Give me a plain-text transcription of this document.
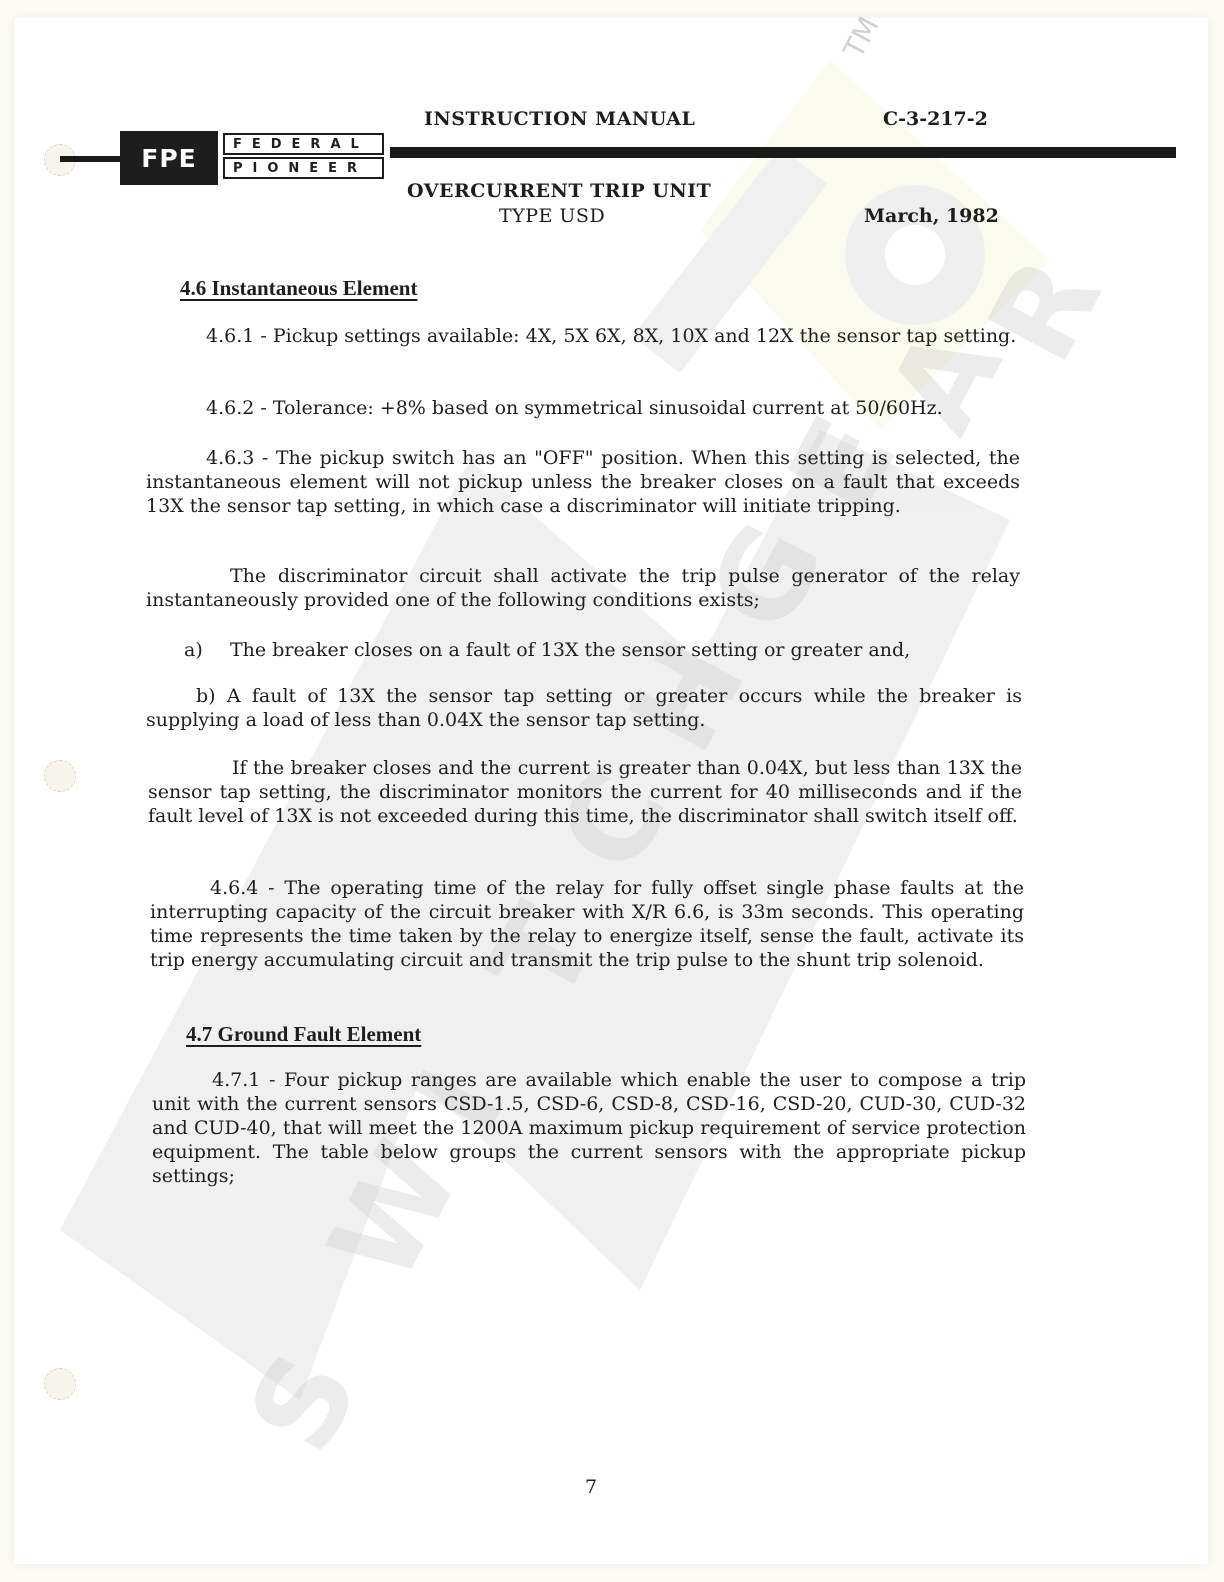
S
W
I
T
C
H
G
E
A
R
TM
INSTRUCTION MANUAL	C-3-217-2
FPE	FEDERAL
PIONEER
OVERCURRENT TRIP UNIT
TYPE USD	March, 1982
4.6 Instantaneous Element
4.6.1 - Pickup settings available: 4X, 5X 6X, 8X, 10X and 12X the sensor tap setting.
4.6.2 - Tolerance: +8% based on symmetrical sinusoidal current at 50/60Hz.
4.6.3 - The pickup switch has an "OFF" position. When this setting is selected, the instantaneous element will not pickup unless the breaker closes on a fault that exceeds 13X the sensor tap setting, in which case a discriminator will initiate tripping.
The discriminator circuit shall activate the trip pulse generator of the relay instantaneously provided one of the following conditions exists;
a) The breaker closes on a fault of 13X the sensor setting or greater and,
b) A fault of 13X the sensor tap setting or greater occurs while the breaker is supplying a load of less than 0.04X the sensor tap setting.
If the breaker closes and the current is greater than 0.04X, but less than 13X the sensor tap setting, the discriminator monitors the current for 40 milliseconds and if the fault level of 13X is not exceeded during this time, the discriminator shall switch itself off.
4.6.4 - The operating time of the relay for fully offset single phase faults at the interrupting capacity of the circuit breaker with X/R 6.6, is 33m seconds. This operating time represents the time taken by the relay to energize itself, sense the fault, activate its trip energy accumulating circuit and transmit the trip pulse to the shunt trip solenoid.
4.7 Ground Fault Element
4.7.1 - Four pickup ranges are available which enable the user to compose a trip unit with the current sensors CSD-1.5, CSD-6, CSD-8, CSD-16, CSD-20, CUD-30, CUD-32 and CUD-40, that will meet the 1200A maximum pickup requirement of service protection equipment. The table below groups the current sensors with the appropriate pickup settings;
7
